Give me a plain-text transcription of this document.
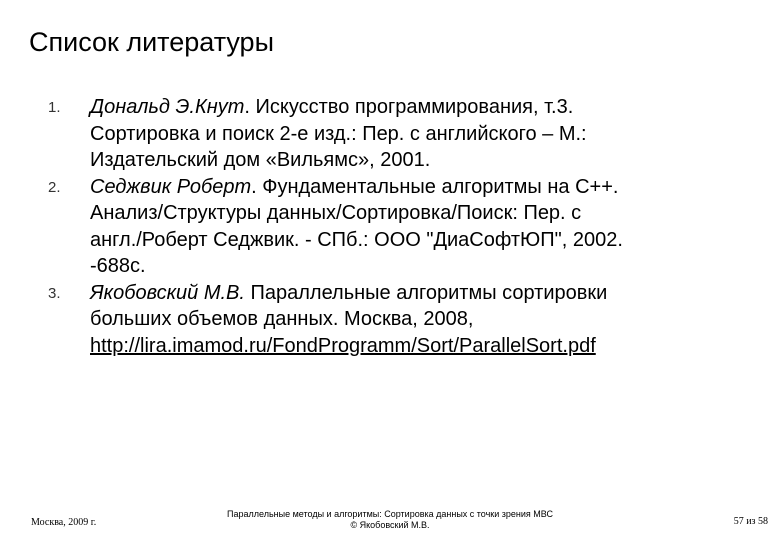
Список литературы
1. Дональд Э.Кнут. Искусство программирования, т.3.
Сортировка и поиск 2-е изд.: Пер. с английского – М.:
Издательский дом «Вильямс», 2001.
2. Седжвик Роберт. Фундаментальные алгоритмы на С++.
Анализ/Структуры данных/Сортировка/Поиск: Пер. с
англ./Роберт Седжвик. - СПб.: ООО "ДиаСофтЮП", 2002.
-688с.
3. Якобовский М.В. Параллельные алгоритмы сортировки
больших объемов данных. Москва, 2008,
http://lira.imamod.ru/FondProgramm/Sort/ParallelSort.pdf
Москва, 2009 г.
Параллельные методы и алгоритмы: Сортировка данных с точки зрения МВС
© Якобовский М.В.	57 из 58
